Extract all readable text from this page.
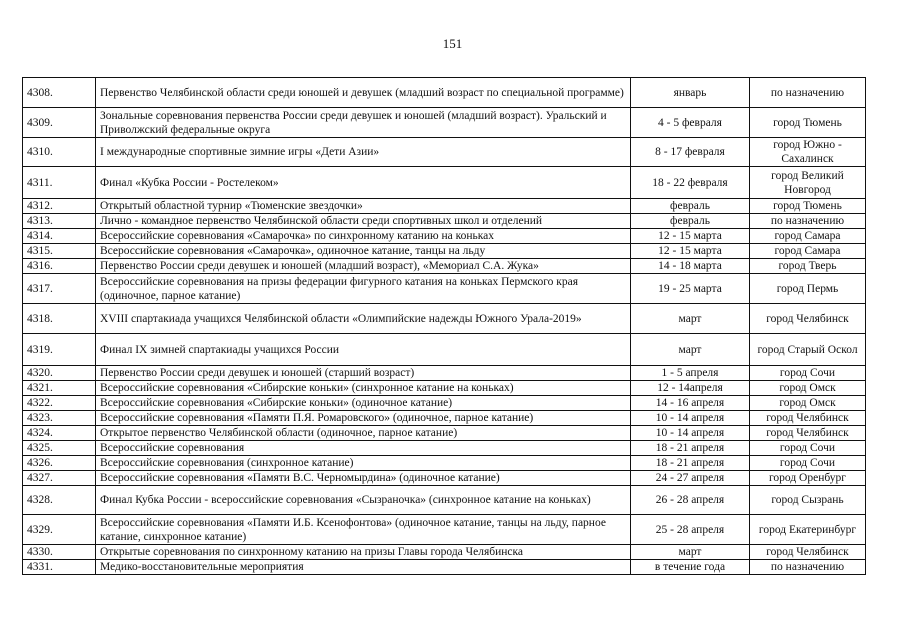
151
4308.	Первенство Челябинской области среди юношей и девушек (младший возраст по специальной программе)	январь	по назначению
4309.	Зональные соревнования первенства России среди девушек и юношей (младший возраст). Уральский и Приволжский федеральные округа	4 - 5 февраля	город Тюмень
4310.	I международные спортивные зимние игры «Дети Азии»	8 - 17 февраля	город Южно - Сахалинск
4311.	Финал «Кубка России - Ростелеком»	18 - 22 февраля	город Великий Новгород
4312.	Открытый областной турнир «Тюменские звездочки»	февраль	город Тюмень
4313.	Лично - командное первенство Челябинской области среди спортивных школ и отделений	февраль	по назначению
4314.	Всероссийские соревнования «Самарочка» по синхронному катанию на коньках	12 - 15 марта	город Самара
4315.	Всероссийские соревнования «Самарочка», одиночное катание, танцы на льду	12 - 15 марта	город Самара
4316.	Первенство России среди девушек и юношей (младший возраст), «Мемориал С.А. Жука»	14 - 18 марта	город Тверь
4317.	Всероссийские соревнования на призы федерации фигурного катания на коньках Пермского края (одиночное, парное катание)	19 - 25 марта	город Пермь
4318.	XVIII спартакиада учащихся Челябинской области «Олимпийские надежды Южного Урала-2019»	март	город Челябинск
4319.	Финал IX зимней спартакиады учащихся России	март	город Старый Оскол
4320.	Первенство России среди девушек и юношей (старший возраст)	1 - 5 апреля	город Сочи
4321.	Всероссийские соревнования «Сибирские коньки» (синхронное катание на коньках)	12 - 14апреля	город Омск
4322.	Всероссийские соревнования «Сибирские коньки» (одиночное катание)	14 - 16 апреля	город Омск
4323.	Всероссийские соревнования «Памяти П.Я. Ромаровского» (одиночное, парное катание)	10 - 14 апреля	город Челябинск
4324.	Открытое первенство Челябинской области (одиночное, парное катание)	10 - 14 апреля	город Челябинск
4325.	Всероссийские соревнования	18 - 21 апреля	город Сочи
4326.	Всероссийские соревнования (синхронное катание)	18 - 21 апреля	город Сочи
4327.	Всероссийские соревнования «Памяти В.С. Черномырдина» (одиночное катание)	24 - 27 апреля	город Оренбург
4328.	Финал Кубка России - всероссийские соревнования «Сызраночка» (синхронное катание на коньках)	26 - 28 апреля	город Сызрань
4329.	Всероссийские соревнования «Памяти И.Б. Ксенофонтова» (одиночное катание, танцы на льду, парное катание, синхронное катание)	25 - 28 апреля	город Екатеринбург
4330.	Открытые соревнования по синхронному катанию на призы Главы города Челябинска	март	город Челябинск
4331.	Медико-восстановительные мероприятия	в течение года	по назначению
